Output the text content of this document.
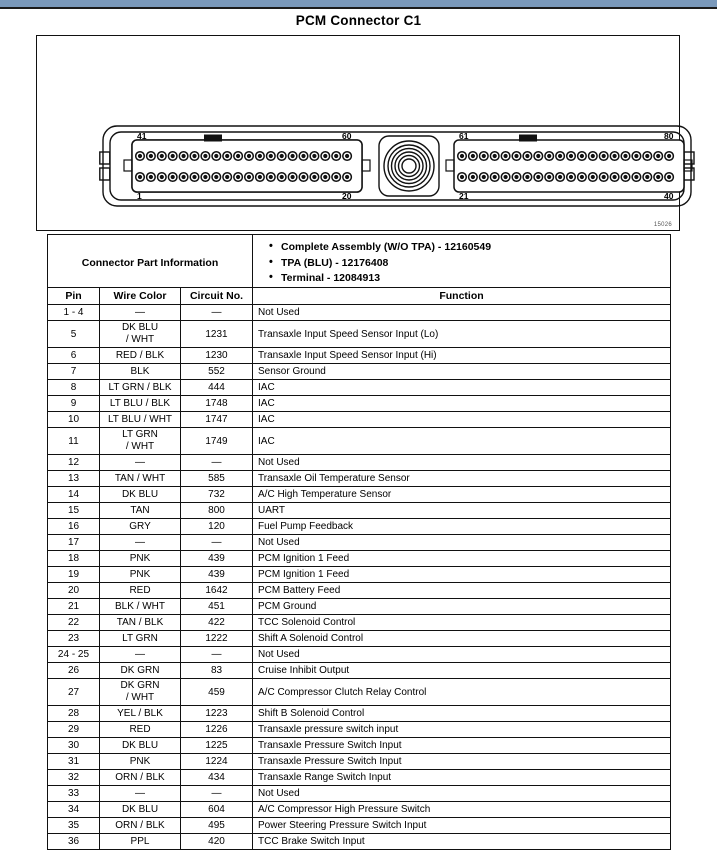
PCM Connector C1
41	60
1	20
61	80
21	40
15026
Connector Part Information
• Complete Assembly (W/O TPA) - 12160549
• TPA (BLU) - 12176408
• Terminal - 12084913
Pin	Wire Color	Circuit No.	Function
1 - 4	—	—	Not Used
5	DK BLU
/ WHT	1231	Transaxle Input Speed Sensor Input (Lo)
6	RED / BLK	1230	Transaxle Input Speed Sensor Input (Hi)
7	BLK	552	Sensor Ground
8	LT GRN / BLK	444	IAC
9	LT BLU / BLK	1748	IAC
10	LT BLU / WHT	1747	IAC
11	LT GRN
/ WHT	1749	IAC
12	—	—	Not Used
13	TAN / WHT	585	Transaxle Oil Temperature Sensor
14	DK BLU	732	A/C High Temperature Sensor
15	TAN	800	UART
16	GRY	120	Fuel Pump Feedback
17	—	—	Not Used
18	PNK	439	PCM Ignition 1 Feed
19	PNK	439	PCM Ignition 1 Feed
20	RED	1642	PCM Battery Feed
21	BLK / WHT	451	PCM Ground
22	TAN / BLK	422	TCC Solenoid Control
23	LT GRN	1222	Shift A Solenoid Control
24 - 25	—	—	Not Used
26	DK GRN	83	Cruise Inhibit Output
27	DK GRN
/ WHT	459	A/C Compressor Clutch Relay Control
28	YEL / BLK	1223	Shift B Solenoid Control
29	RED	1226	Transaxle pressure switch input
30	DK BLU	1225	Transaxle Pressure Switch Input
31	PNK	1224	Transaxle Pressure Switch Input
32	ORN / BLK	434	Transaxle Range Switch Input
33	—	—	Not Used
34	DK BLU	604	A/C Compressor High Pressure Switch
35	ORN / BLK	495	Power Steering Pressure Switch Input
36	PPL	420	TCC Brake Switch Input
